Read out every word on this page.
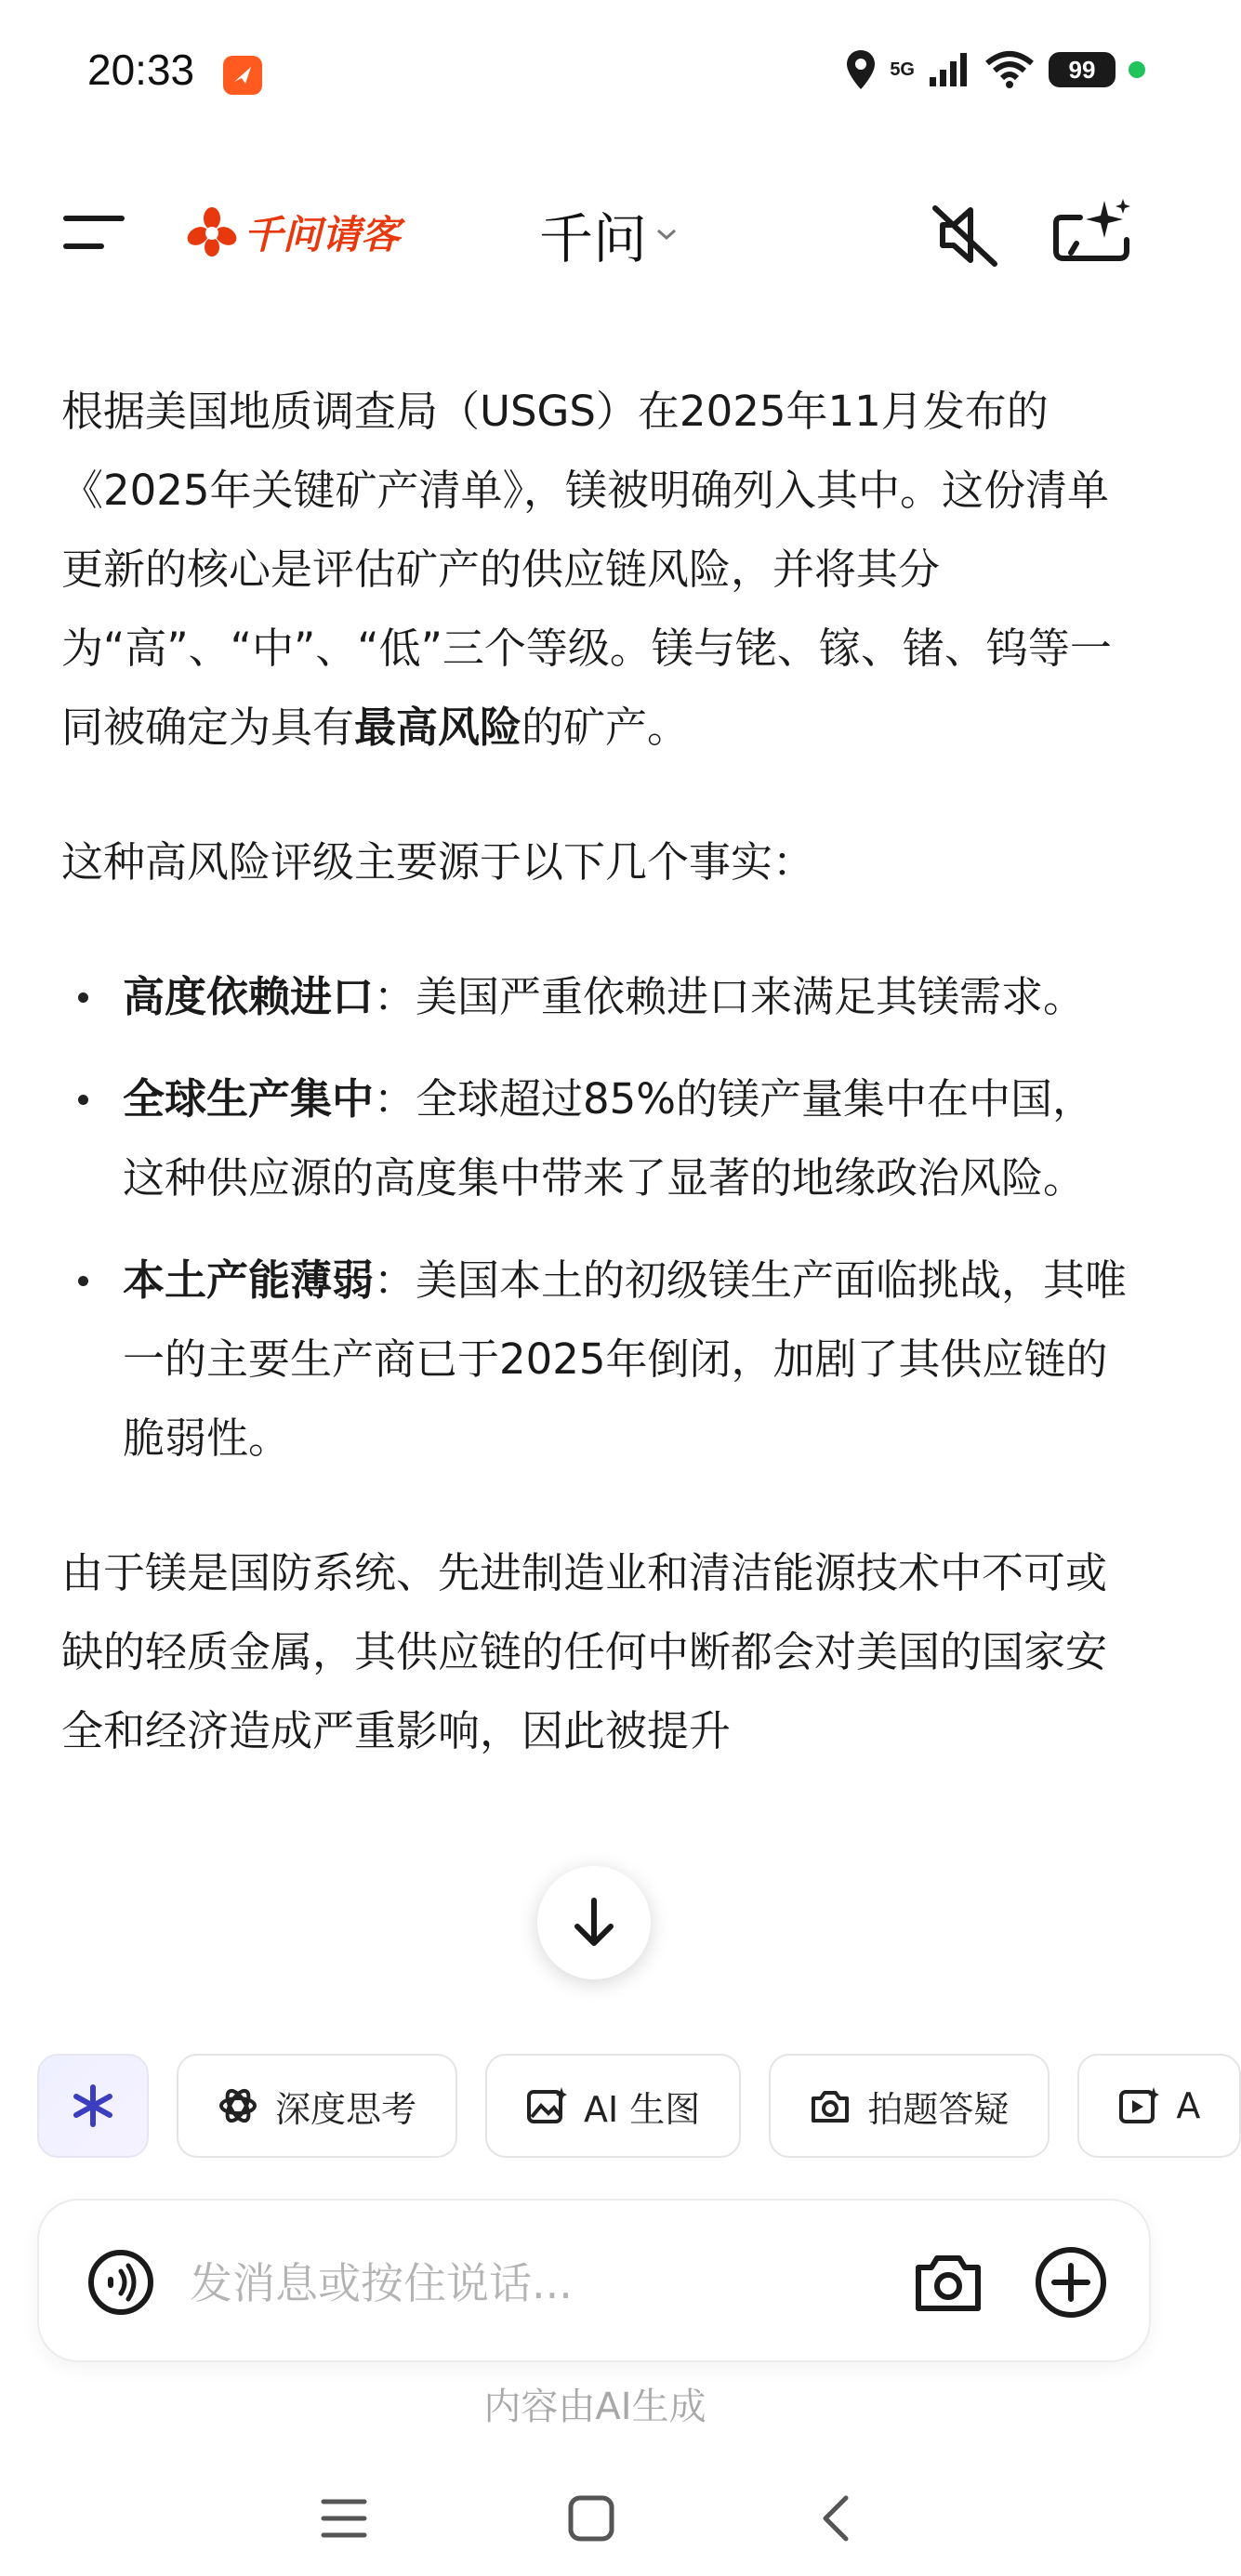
20:33	5G	99
千问请客	千问

根据美国地质调查局（USGS）在2025年11月发布的《2025年关键矿产清单》，镁被明确列入其中。这份清单更新的核心是评估矿产的供应链风险，并将其分为“高”、“中”、“低”三个等级。镁与铑、镓、锗、钨等一同被确定为具有最高风险的矿产。

这种高风险评级主要源于以下几个事实：

高度依赖进口：美国严重依赖进口来满足其镁需求。
全球生产集中：全球超过85%的镁产量集中在中国，这种供应源的高度集中带来了显著的地缘政治风险。
本土产能薄弱：美国本土的初级镁生产面临挑战，其唯一的主要生产商已于2025年倒闭，加剧了其供应链的脆弱性。

由于镁是国防系统、先进制造业和清洁能源技术中不可或缺的轻质金属，其供应链的任何中断都会对美国的国家安全和经济造成严重影响，因此被提升

深度思考	AI 生图	拍题答疑	A
发消息或按住说话...
内容由AI生成
